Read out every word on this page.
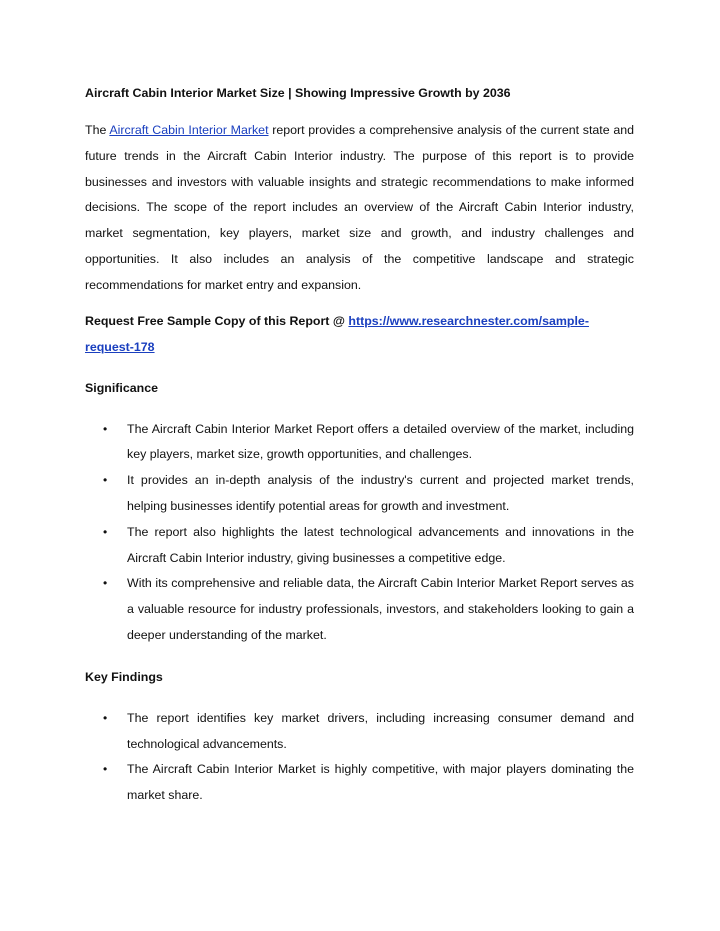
Aircraft Cabin Interior Market Size | Showing Impressive Growth by 2036

The Aircraft Cabin Interior Market report provides a comprehensive analysis of the current state and future trends in the Aircraft Cabin Interior industry. The purpose of this report is to provide businesses and investors with valuable insights and strategic recommendations to make informed decisions. The scope of the report includes an overview of the Aircraft Cabin Interior industry, market segmentation, key players, market size and growth, and industry challenges and opportunities. It also includes an analysis of the competitive landscape and strategic recommendations for market entry and expansion.

Request Free Sample Copy of this Report @ https://www.researchnester.com/sample-request-178

Significance
• The Aircraft Cabin Interior Market Report offers a detailed overview of the market, including key players, market size, growth opportunities, and challenges.
• It provides an in-depth analysis of the industry's current and projected market trends, helping businesses identify potential areas for growth and investment.
• The report also highlights the latest technological advancements and innovations in the Aircraft Cabin Interior industry, giving businesses a competitive edge.
• With its comprehensive and reliable data, the Aircraft Cabin Interior Market Report serves as a valuable resource for industry professionals, investors, and stakeholders looking to gain a deeper understanding of the market.
Key Findings
• The report identifies key market drivers, including increasing consumer demand and technological advancements.
• The Aircraft Cabin Interior Market is highly competitive, with major players dominating the market share.
